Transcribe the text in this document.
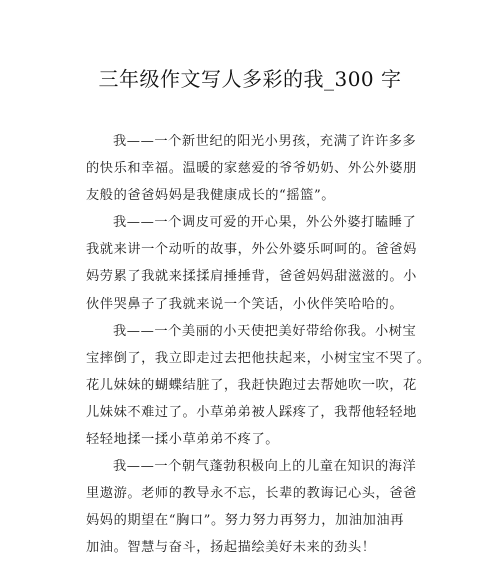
三年级作文写人多彩的我_300 字
我——一个新世纪的阳光小男孩，充满了许许多多
的快乐和幸福。温暖的家慈爱的爷爷奶奶、外公外婆朋
友般的爸爸妈妈是我健康成长的“摇篮”。
我——一个调皮可爱的开心果，外公外婆打瞌睡了
我就来讲一个动听的故事，外公外婆乐呵呵的。爸爸妈
妈劳累了我就来揉揉肩捶捶背，爸爸妈妈甜滋滋的。小
伙伴哭鼻子了我就来说一个笑话，小伙伴笑哈哈的。
我——一个美丽的小天使把美好带给你我。小树宝
宝摔倒了，我立即走过去把他扶起来，小树宝宝不哭了。
花儿妹妹的蝴蝶结脏了，我赶快跑过去帮她吹一吹，花
儿妹妹不难过了。小草弟弟被人踩疼了，我帮他轻轻地
轻轻地揉一揉小草弟弟不疼了。
我——一个朝气蓬勃积极向上的儿童在知识的海洋
里遨游。老师的教导永不忘，长辈的教诲记心头，爸爸
妈妈的期望在“胸口”。努力努力再努力，加油加油再
加油。智慧与奋斗，扬起描绘美好未来的劲头！
